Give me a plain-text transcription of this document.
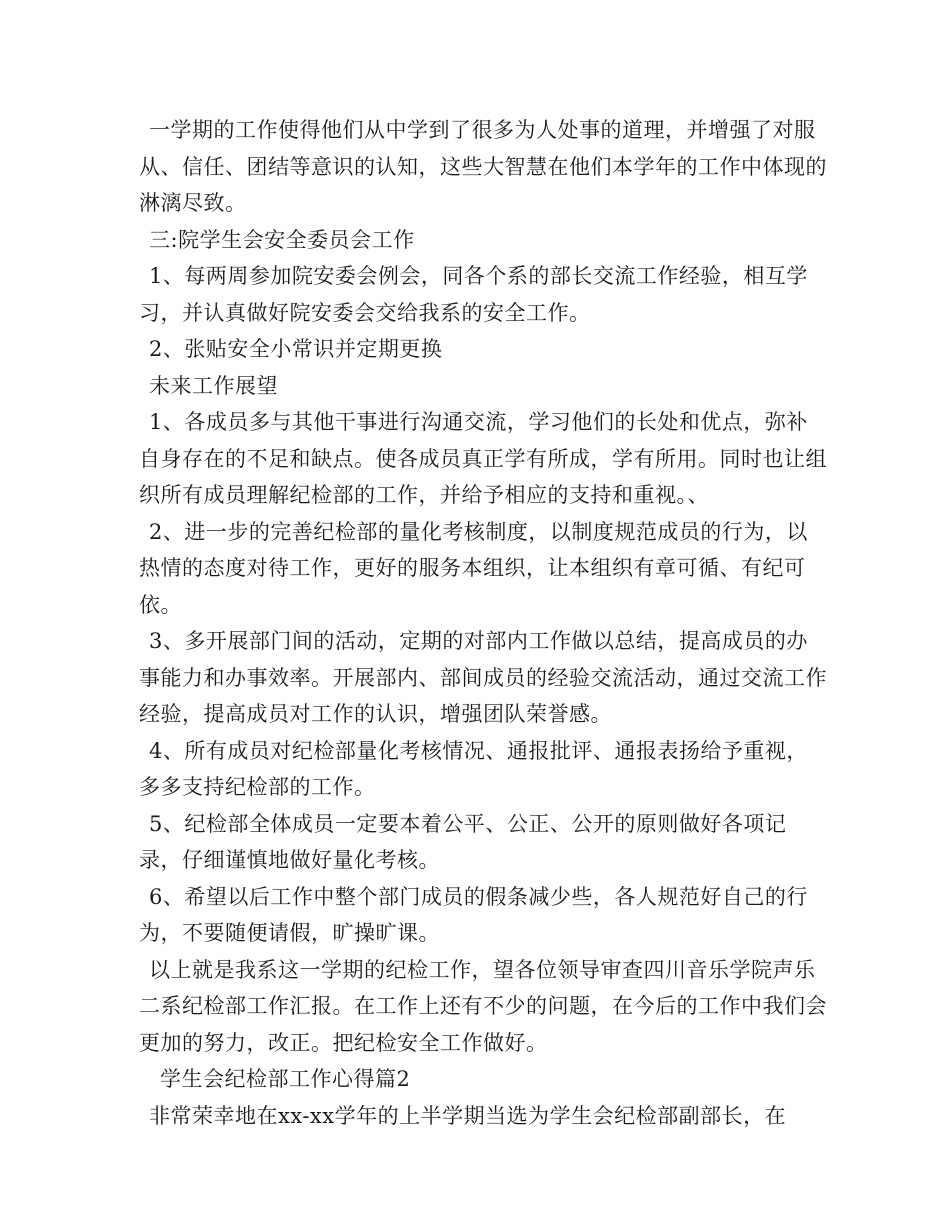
一学期的工作使得他们从中学到了很多为人处事的道理，并增强了对服从、信任、团结等意识的认知，这些大智慧在他们本学年的工作中体现的淋漓尽致。

三:院学生会安全委员会工作

1、每两周参加院安委会例会，同各个系的部长交流工作经验，相互学习，并认真做好院安委会交给我系的安全工作。

2、张贴安全小常识并定期更换

未来工作展望

1、各成员多与其他干事进行沟通交流，学习他们的长处和优点，弥补自身存在的不足和缺点。使各成员真正学有所成，学有所用。同时也让组织所有成员理解纪检部的工作，并给予相应的支持和重视。、

2、进一步的完善纪检部的量化考核制度，以制度规范成员的行为，以热情的态度对待工作，更好的服务本组织，让本组织有章可循、有纪可依。

3、多开展部门间的活动，定期的对部内工作做以总结，提高成员的办事能力和办事效率。开展部内、部间成员的经验交流活动，通过交流工作经验，提高成员对工作的认识，增强团队荣誉感。

4、所有成员对纪检部量化考核情况、通报批评、通报表扬给予重视，多多支持纪检部的工作。

5、纪检部全体成员一定要本着公平、公正、公开的原则做好各项记录，仔细谨慎地做好量化考核。

6、希望以后工作中整个部门成员的假条减少些，各人规范好自己的行为，不要随便请假，旷操旷课。

以上就是我系这一学期的纪检工作，望各位领导审查四川音乐学院声乐二系纪检部工作汇报。在工作上还有不少的问题，在今后的工作中我们会更加的努力，改正。把纪检安全工作做好。

学生会纪检部工作心得篇2

非常荣幸地在xx-xx学年的上半学期当选为学生会纪检部副部长，在
